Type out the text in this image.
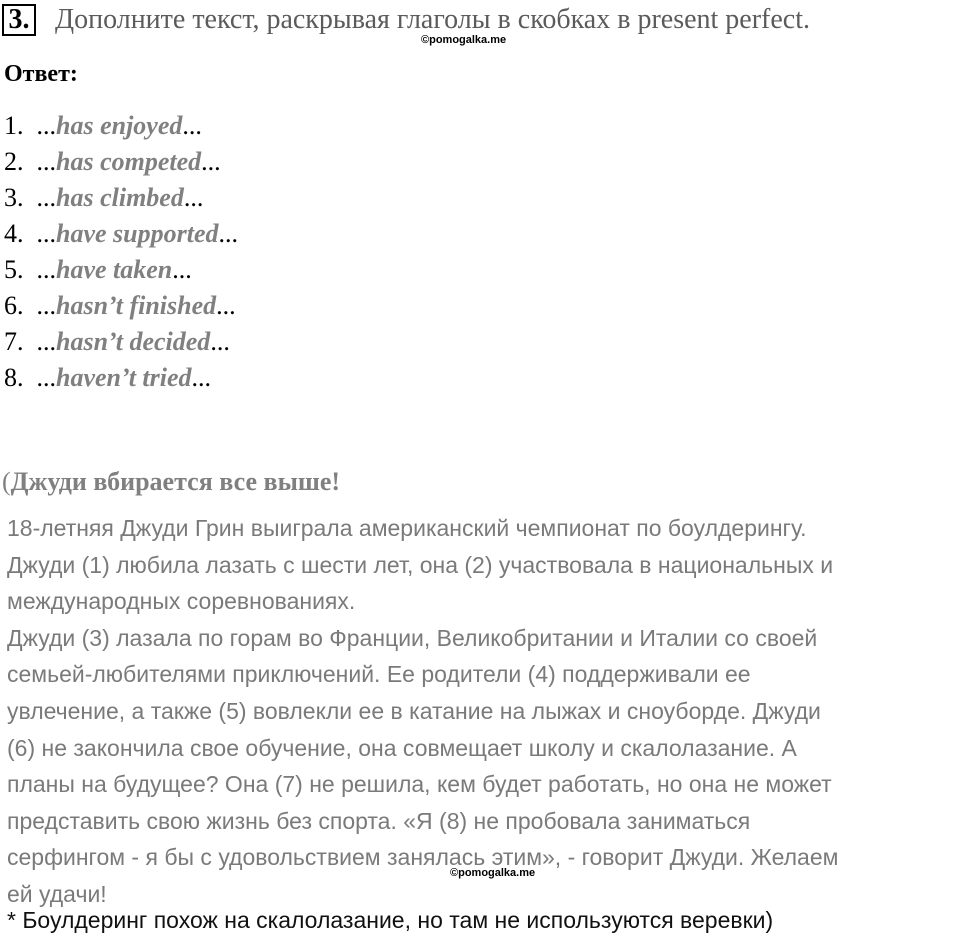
3. Дополните текст, раскрывая глаголы в скобках в present perfect.
©pomogalka.me
Ответ:
1. ...has enjoyed...
2. ...has competed...
3. ...has climbed...
4. ...have supported...
5. ...have taken...
6. ...hasn’t finished...
7. ...hasn’t decided...
8. ...haven’t tried...
(Джуди вбирается все выше!
18-летняя Джуди Грин выиграла американский чемпионат по боулдерингу.
Джуди (1) любила лазать с шести лет, она (2) участвовала в национальных и
международных соревнованиях.
Джуди (3) лазала по горам во Франции, Великобритании и Италии со своей
семьей-любителями приключений. Ее родители (4) поддерживали ее
увлечение, а также (5) вовлекли ее в катание на лыжах и сноуборде. Джуди
(6) не закончила свое обучение, она совмещает школу и скалолазание. А
планы на будущее? Она (7) не решила, кем будет работать, но она не может
представить свою жизнь без спорта. «Я (8) не пробовала заниматься
серфингом - я бы с удовольствием занялась этим», - говорит Джуди. Желаем
ей удачи!
©pomogalka.me
* Боулдеринг похож на скалолазание, но там не используются веревки)
